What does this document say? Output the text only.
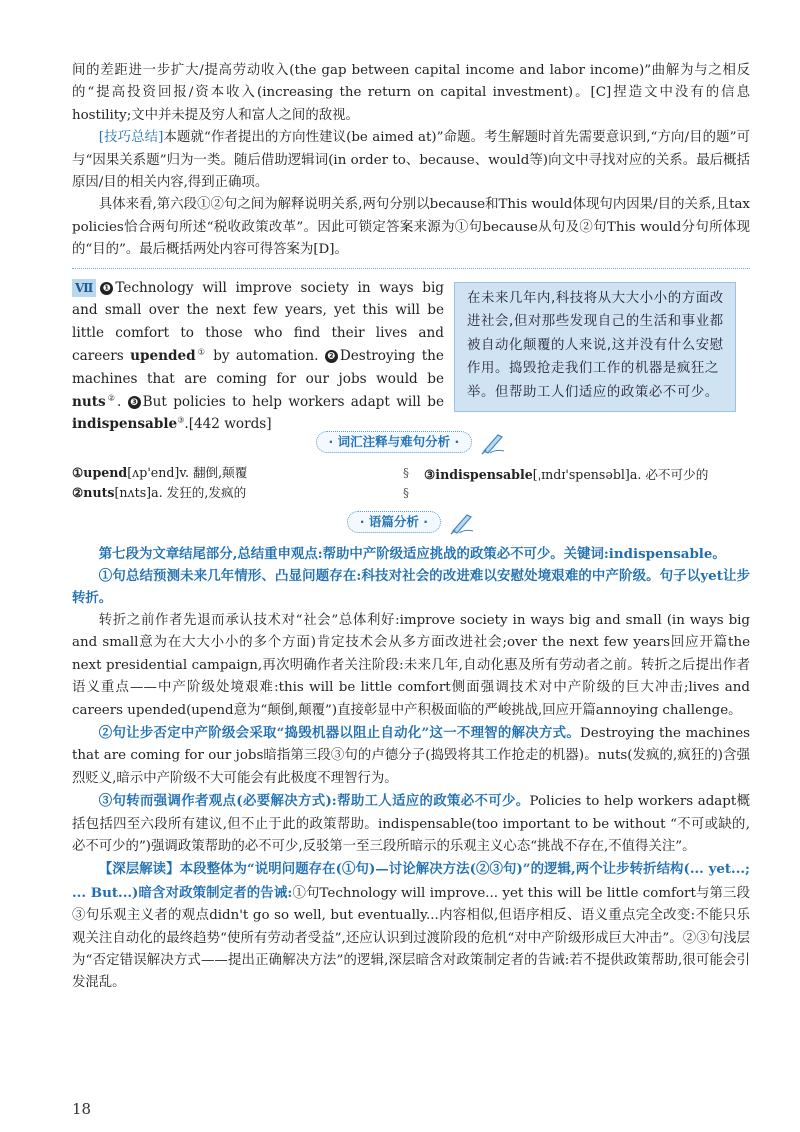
间的差距进一步扩大/提高劳动收入(the gap between capital income and labor income)”曲解为与之相反的“提高投资回报/资本收入(increasing the return on capital investment)。[C]捏造文中没有的信息hostility;文中并未提及穷人和富人之间的敌视。

[技巧总结]本题就“作者提出的方向性建议(be aimed at)”命题。考生解题时首先需要意识到,“方向/目的题”可与“因果关系题”归为一类。随后借助逻辑词(in order to、because、would等)向文中寻找对应的关系。最后概括原因/目的相关内容,得到正确项。

具体来看,第六段①②句之间为解释说明关系,两句分别以because和This would体现句内因果/目的关系,且tax policies恰合两句所述“税收政策改革”。因此可锁定答案来源为①句because从句及②句This would分句所体现的“目的”。最后概括两处内容可得答案为[D]。

Ⅶ ❶ Technology will improve society in ways big and small over the next few years, yet this will be little comfort to those who find their lives and careers upended① by automation. ❷ Destroying the machines that are coming for our jobs would be nuts②. ❸ But policies to help workers adapt will be indispensable③.[442 words]
在未来几年内,科技将从大大小小的方面改进社会,但对那些发现自己的生活和事业都被自动化颠覆的人来说,这并没有什么安慰作用。捣毁抢走我们工作的机器是疯狂之举。但帮助工人们适应的政策必不可少。
· 词汇注释与难句分析 ·
①upend[ʌp'end]v. 翻倒,颠覆
②nuts[nʌts]a. 发狂的,发疯的
§
§
③indispensable[ˌɪndɪ'spensəbl]a. 必不可少的
· 语篇分析 ·

第七段为文章结尾部分,总结重申观点:帮助中产阶级适应挑战的政策必不可少。关键词:indispensable。

①句总结预测未来几年情形、凸显问题存在:科技对社会的改进难以安慰处境艰难的中产阶级。句子以yet让步转折。

转折之前作者先退而承认技术对“社会”总体利好:improve society in ways big and small (in ways big and small意为在大大小小的多个方面)肯定技术会从多方面改进社会;over the next few years回应开篇the next presidential campaign,再次明确作者关注阶段:未来几年,自动化惠及所有劳动者之前。转折之后提出作者语义重点——中产阶级处境艰难:this will be little comfort侧面强调技术对中产阶级的巨大冲击;lives and careers upended(upend意为“颠倒,颠覆”)直接彰显中产积极面临的严峻挑战,回应开篇annoying challenge。

②句让步否定中产阶级会采取“捣毁机器以阻止自动化”这一不理智的解决方式。Destroying the machines that are coming for our jobs暗指第三段③句的卢德分子(捣毁将其工作抢走的机器)。nuts(发疯的,疯狂的)含强烈贬义,暗示中产阶级不大可能会有此极度不理智行为。

③句转而强调作者观点(必要解决方式):帮助工人适应的政策必不可少。Policies to help workers adapt概括包括四至六段所有建议,但不止于此的政策帮助。indispensable(too important to be without “不可或缺的,必不可少的”)强调政策帮助的必不可少,反驳第一至三段所暗示的乐观主义心态“挑战不存在,不值得关注”。

【深层解读】本段整体为“说明问题存在(①句)—讨论解决方法(②③句)”的逻辑,两个让步转折结构(... yet...; ... But...)暗含对政策制定者的告诫:①句Technology will improve... yet this will be little comfort与第三段③句乐观主义者的观点didn't go so well, but eventually...内容相似,但语序相反、语义重点完全改变:不能只乐观关注自动化的最终趋势“使所有劳动者受益”,还应认识到过渡阶段的危机“对中产阶级形成巨大冲击”。②③句浅层为“否定错误解决方式——提出正确解决方法”的逻辑,深层暗含对政策制定者的告诫:若不提供政策帮助,很可能会引发混乱。

18
